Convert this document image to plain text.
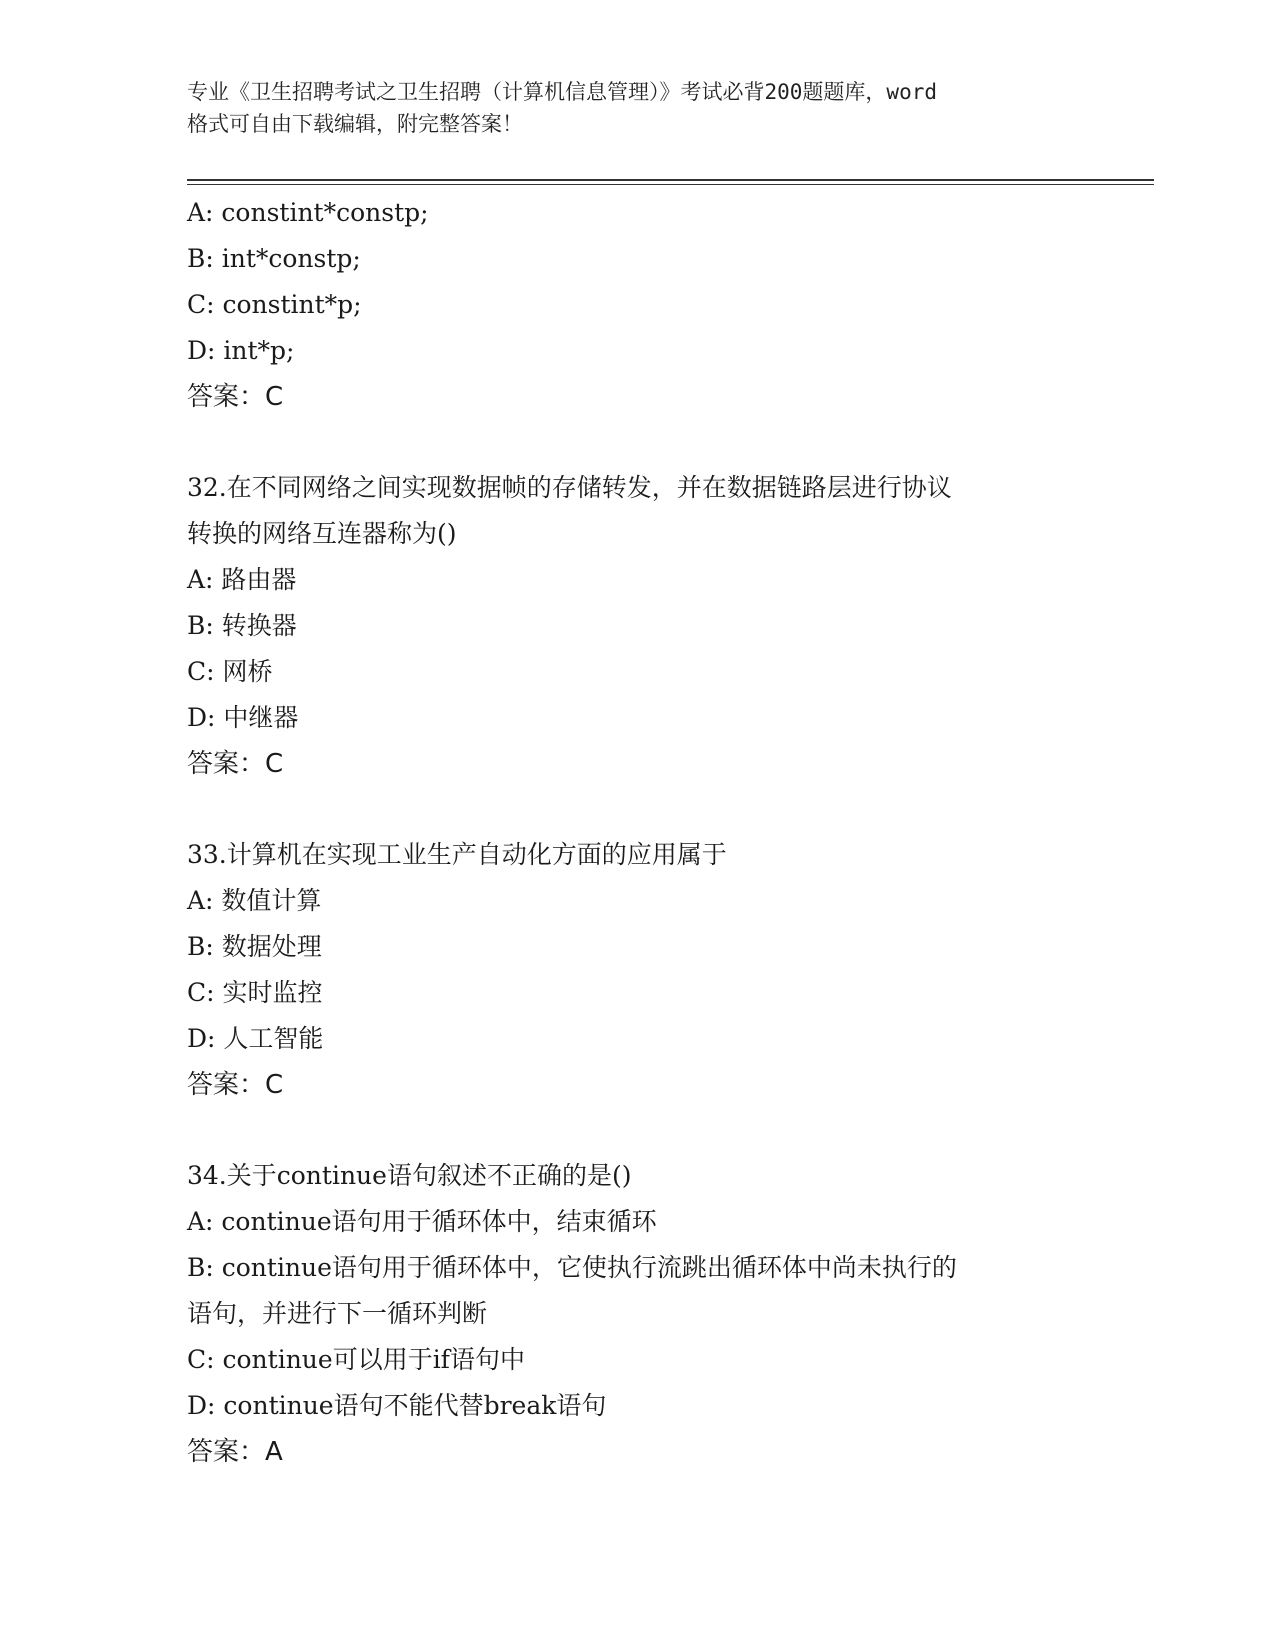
专业《卫生招聘考试之卫生招聘（计算机信息管理）》考试必背200题题库，word
格式可自由下载编辑，附完整答案！
A: constint*constp;
B: int*constp;
C: constint*p;
D: int*p;
答案：C
32.在不同网络之间实现数据帧的存储转发，并在数据链路层进行协议
转换的网络互连器称为()
A: 路由器
B: 转换器
C: 网桥
D: 中继器
答案：C
33.计算机在实现工业生产自动化方面的应用属于
A: 数值计算
B: 数据处理
C: 实时监控
D: 人工智能
答案：C
34.关于continue语句叙述不正确的是()
A: continue语句用于循环体中，结束循环
B: continue语句用于循环体中，它使执行流跳出循环体中尚未执行的
语句，并进行下一循环判断
C: continue可以用于if语句中
D: continue语句不能代替break语句
答案：A
